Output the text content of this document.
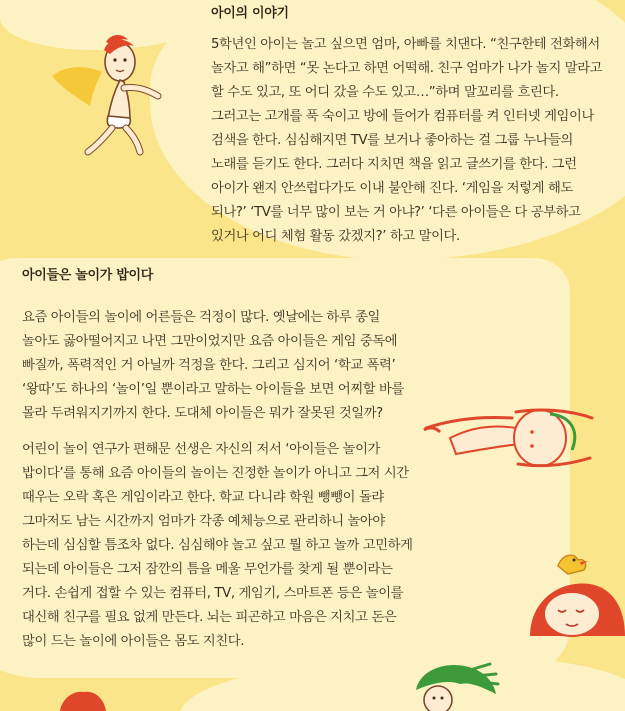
아이의 이야기

5학년인 아이는 놀고 싶으면 엄마, 아빠를 치댄다. “친구한테 전화해서 놀자고 해”하면 “못 논다고 하면 어떡해. 친구 엄마가 나가 놀지 말라고 할 수도 있고, 또 어디 갔을 수도 있고…”하며 말꼬리를 흐린다. 그러고는 고개를 푹 숙이고 방에 들어가 컴퓨터를 켜 인터넷 게임이나 검색을 한다. 심심해지면 TV를 보거나 좋아하는 걸 그룹 누나들의 노래를 듣기도 한다. 그러다 지치면 책을 읽고 글쓰기를 한다. 그런 아이가 왠지 안쓰럽다가도 이내 불안해 진다. ‘게임을 저렇게 해도 되나?’ ‘TV를 너무 많이 보는 거 아냐?’ ‘다른 아이들은 다 공부하고 있거나 어디 체험 활동 갔겠지?’ 하고 말이다.

아이들은 놀이가 밥이다

요즘 아이들의 놀이에 어른들은 걱정이 많다. 옛날에는 하루 종일 놀아도 곯아떨어지고 나면 그만이었지만 요즘 아이들은 게임 중독에 빠질까, 폭력적인 거 아닐까 걱정을 한다. 그리고 심지어 ‘학교 폭력’ ‘왕따’도 하나의 ‘놀이’일 뿐이라고 말하는 아이들을 보면 어찌할 바를 몰라 두려워지기까지 한다. 도대체 아이들은 뭐가 잘못된 것일까?

어린이 놀이 연구가 편해문 선생은 자신의 저서 ‘아이들은 놀이가 밥이다’를 통해 요즘 아이들의 놀이는 진정한 놀이가 아니고 그저 시간 때우는 오락 혹은 게임이라고 한다. 학교 다니랴 학원 뺑뺑이 돌랴 그마저도 남는 시간까지 엄마가 각종 예체능으로 관리하니 놀아야 하는데 심심할 틈조차 없다. 심심해야 놀고 싶고 뭘 하고 놀까 고민하게 되는데 아이들은 그저 잠깐의 틈을 메울 무언가를 찾게 될 뿐이라는 거다. 손쉽게 접할 수 있는 컴퓨터, TV, 게임기, 스마트폰 등은 놀이를 대신해 친구를 필요 없게 만든다. 뇌는 피곤하고 마음은 지치고 돈은 많이 드는 놀이에 아이들은 몸도 지친다.
